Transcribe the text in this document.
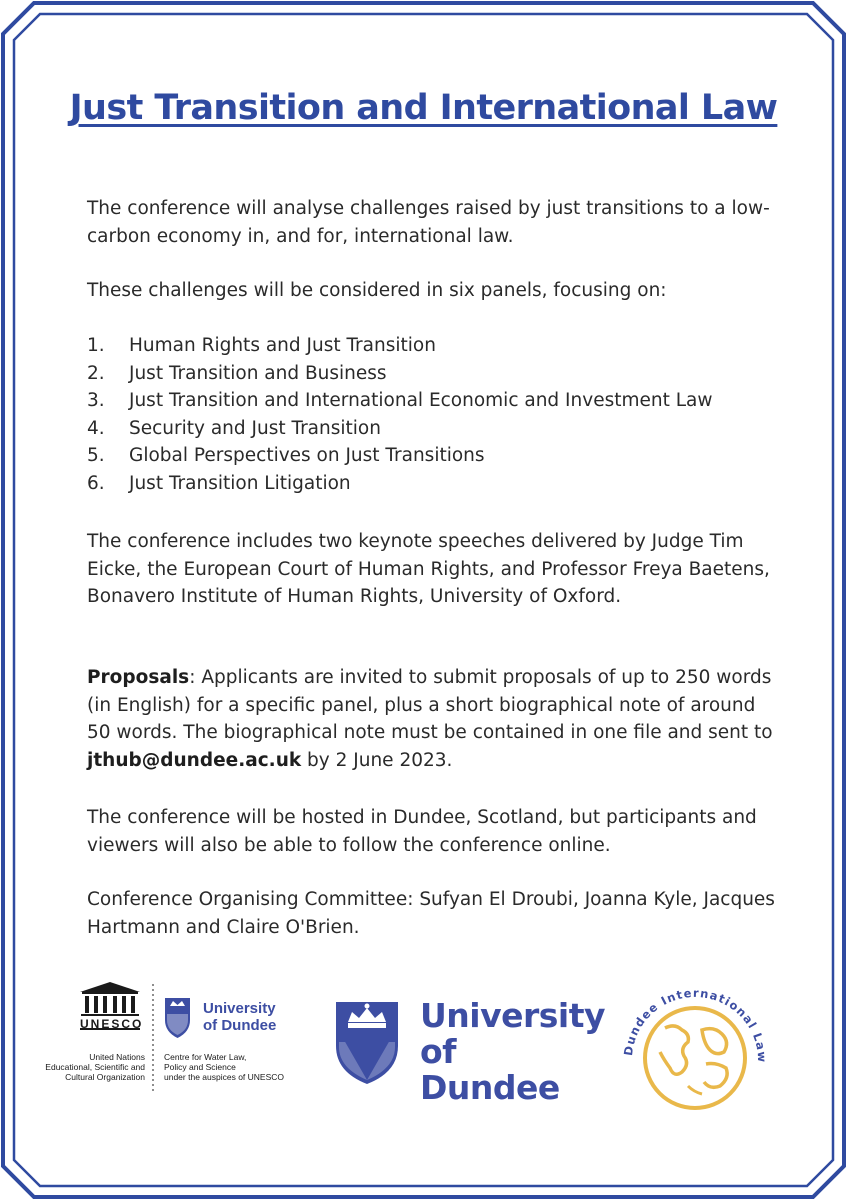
Just Transition and International Law

The conference will analyse challenges raised by just transitions to a low-carbon economy in, and for, international law.

These challenges will be considered in six panels, focusing on:

1. Human Rights and Just Transition
2. Just Transition and Business
3. Just Transition and International Economic and Investment Law
4. Security and Just Transition
5. Global Perspectives on Just Transitions
6. Just Transition Litigation

The conference includes two keynote speeches delivered by Judge Tim Eicke, the European Court of Human Rights, and Professor Freya Baetens, Bonavero Institute of Human Rights, University of Oxford.

Proposals: Applicants are invited to submit proposals of up to 250 words (in English) for a specific panel, plus a short biographical note of around 50 words. The biographical note must be contained in one file and sent to jthub@dundee.ac.uk by 2 June 2023.

The conference will be hosted in Dundee, Scotland, but participants and viewers will also be able to follow the conference online.

Conference Organising Committee: Sufyan El Droubi, Joanna Kyle, Jacques Hartmann and Claire O'Brien.

UNESCO
United Nations
Educational, Scientific and
Cultural Organization
University
of Dundee
Centre for Water Law,
Policy and Science
under the auspices of UNESCO
University
of Dundee
Dundee International Law
